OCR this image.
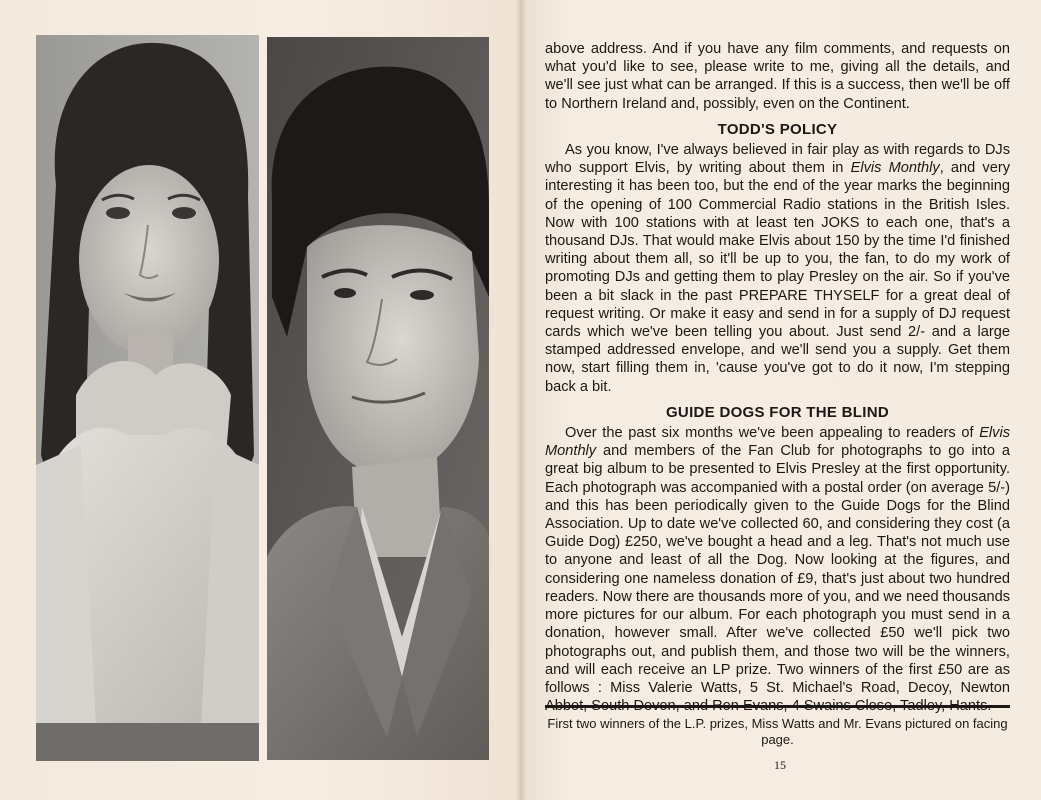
above address. And if you have any film comments, and requests on what you'd like to see, please write to me, giving all the details, and we'll see just what can be arranged. If this is a success, then we'll be off to Northern Ireland and, possibly, even on the Continent.

TODD'S POLICY

As you know, I've always believed in fair play as with regards to DJs who support Elvis, by writing about them in Elvis Monthly, and very interesting it has been too, but the end of the year marks the beginning of the opening of 100 Commercial Radio stations in the British Isles. Now with 100 stations with at least ten JOKS to each one, that's a thousand DJs. That would make Elvis about 150 by the time I'd finished writing about them all, so it'll be up to you, the fan, to do my work of promoting DJs and getting them to play Presley on the air. So if you've been a bit slack in the past PREPARE THYSELF for a great deal of request writing. Or make it easy and send in for a supply of DJ request cards which we've been telling you about. Just send 2/- and a large stamped addressed envelope, and we'll send you a supply. Get them now, start filling them in, 'cause you've got to do it now, I'm stepping back a bit.

GUIDE DOGS FOR THE BLIND

Over the past six months we've been appealing to readers of Elvis Monthly and members of the Fan Club for photographs to go into a great big album to be presented to Elvis Presley at the first opportunity. Each photograph was accompanied with a postal order (on average 5/-) and this has been periodically given to the Guide Dogs for the Blind Association. Up to date we've collected 60, and considering they cost (a Guide Dog) £250, we've bought a head and a leg. That's not much use to anyone and least of all the Dog. Now looking at the figures, and considering one nameless donation of £9, that's just about two hundred readers. Now there are thousands more of you, and we need thousands more pictures for our album. For each photograph you must send in a donation, however small. After we've collected £50 we'll pick two photographs out, and publish them, and those two will be the winners, and will each receive an LP prize. Two winners of the first £50 are as follows : Miss Valerie Watts, 5 St. Michael's Road, Decoy, Newton Abbot, South Devon, and Ron Evans, 4 Swains Close, Tadley, Hants.

First two winners of the L.P. prizes, Miss Watts and Mr. Evans pictured on facing page.
15
